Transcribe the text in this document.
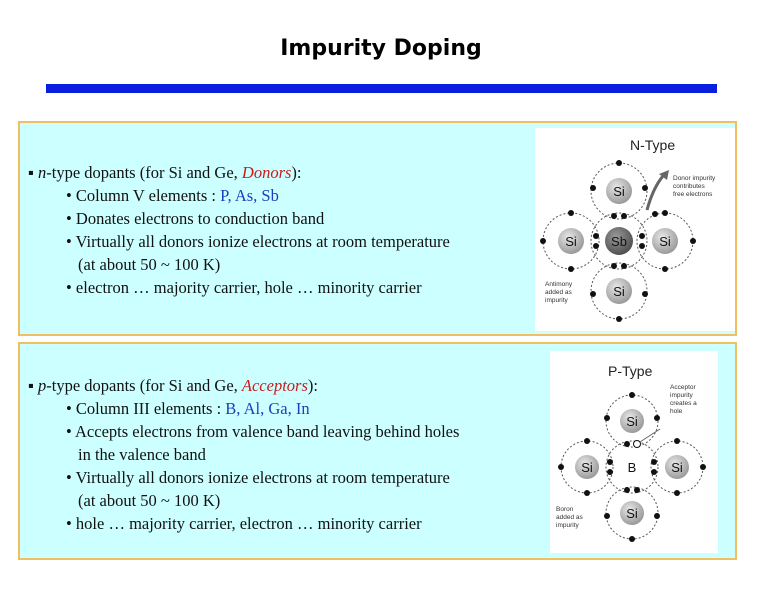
Impurity Doping
▪ n-type dopants (for Si and Ge, Donors):
• Column V elements : P, As, Sb
• Donates electrons to conduction band
• Virtually all donors ionize electrons at room temperature
(at about 50 ~ 100 K)
• electron … majority carrier, hole … minority carrier
N-Type
Si
Si
Si	Si
Sb
Donor impurity
contributes
free electrons
Antimony
added as
impurity
▪ p-type dopants (for Si and Ge, Acceptors):
• Column III elements : B, Al, Ga, In
• Accepts electrons from valence band leaving behind holes
in the valence band
• Virtually all donors ionize electrons at room temperature
(at about 50 ~ 100 K)
• hole … majority carrier, electron … minority carrier
P-Type
Si
Si
Si	Si
B
Acceptor
impurity
creates a
hole
Boron
added as
impurity
